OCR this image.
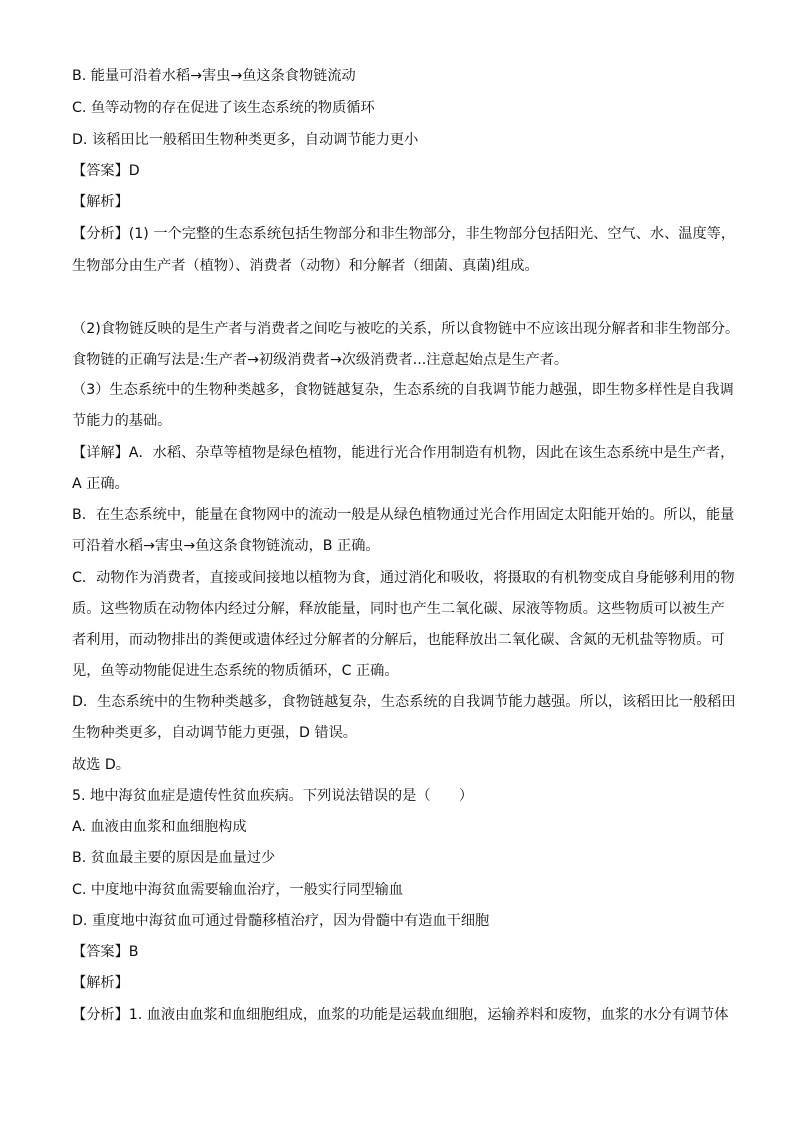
B. 能量可沿着水稻→害虫→鱼这条食物链流动
C. 鱼等动物的存在促进了该生态系统的物质循环
D. 该稻田比一般稻田生物种类更多，自动调节能力更小
【答案】D
【解析】
【分析】(1) 一个完整的生态系统包括生物部分和非生物部分，非生物部分包括阳光、空气、水、温度等，
生物部分由生产者（植物）、消费者（动物）和分解者（细菌、真菌)组成。
（2)食物链反映的是生产者与消费者之间吃与被吃的关系，所以食物链中不应该出现分解者和非生物部分。
食物链的正确写法是:生产者→初级消费者→次级消费者...注意起始点是生产者。
（3）生态系统中的生物种类越多，食物链越复杂，生态系统的自我调节能力越强，即生物多样性是自我调
节能力的基础。
【详解】A．水稻、杂草等植物是绿色植物，能进行光合作用制造有机物，因此在该生态系统中是生产者，
A 正确。
B．在生态系统中，能量在食物网中的流动一般是从绿色植物通过光合作用固定太阳能开始的。所以，能量
可沿着水稻→害虫→鱼这条食物链流动，B 正确。
C．动物作为消费者，直接或间接地以植物为食，通过消化和吸收，将摄取的有机物变成自身能够利用的物
质。这些物质在动物体内经过分解，释放能量，同时也产生二氧化碳、尿液等物质。这些物质可以被生产
者利用，而动物排出的粪便或遗体经过分解者的分解后，也能释放出二氧化碳、含氮的无机盐等物质。可
见，鱼等动物能促进生态系统的物质循环，C 正确。
D．生态系统中的生物种类越多，食物链越复杂，生态系统的自我调节能力越强。所以，该稻田比一般稻田
生物种类更多，自动调节能力更强，D 错误。
故选 D。
5. 地中海贫血症是遗传性贫血疾病。下列说法错误的是（　　）
A. 血液由血浆和血细胞构成
B. 贫血最主要的原因是血量过少
C. 中度地中海贫血需要输血治疗，一般实行同型输血
D. 重度地中海贫血可通过骨髓移植治疗，因为骨髓中有造血干细胞
【答案】B
【解析】
【分析】1. 血液由血浆和血细胞组成，血浆的功能是运载血细胞，运输养料和废物，血浆的水分有调节体
